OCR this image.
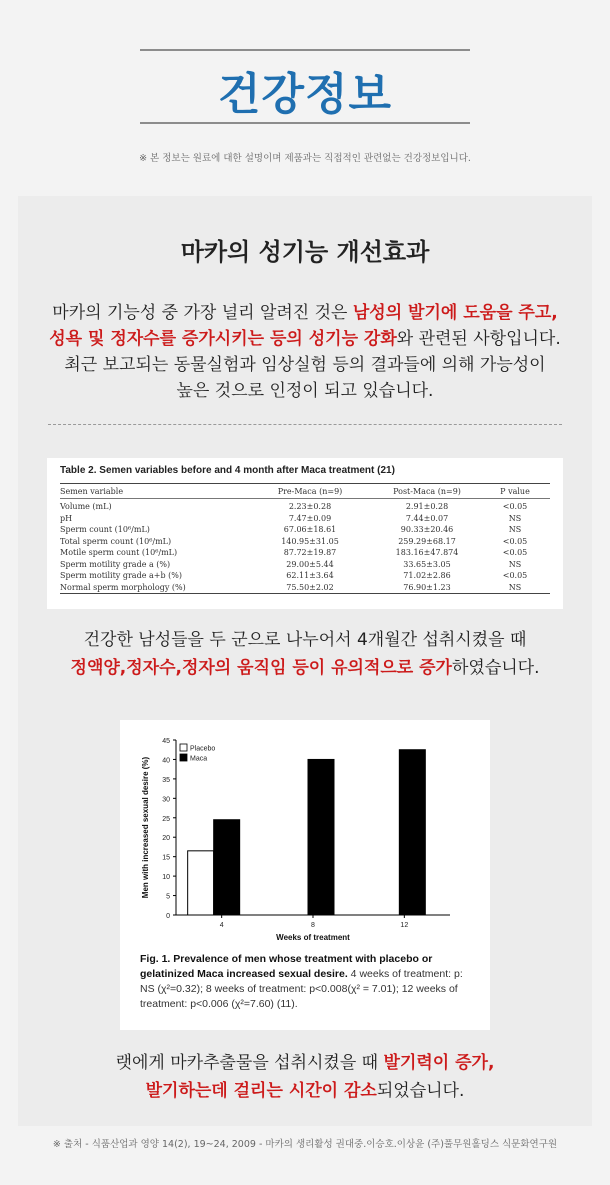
건강정보
※ 본 정보는 원료에 대한 설명이며 제품과는 직접적인 관련없는 건강정보입니다.
마카의 성기능 개선효과
마카의 기능성 중 가장 널리 알려진 것은 남성의 발기에 도움을 주고,
성욕 및 정자수를 증가시키는 등의 성기능 강화와 관련된 사항입니다.
최근 보고되는 동물실험과 임상실험 등의 결과들에 의해 가능성이
높은 것으로 인정이 되고 있습니다.
Table 2. Semen variables before and 4 month after Maca treatment (21)
Semen variable	Pre-Maca (n=9)	Post-Maca (n=9)	P value
Volume (mL)	2.23±0.28	2.91±0.28	<0.05
pH	7.47±0.09	7.44±0.07	NS
Sperm count (10⁶/mL)	67.06±18.61	90.33±20.46	NS
Total sperm count (10⁶/mL)	140.95±31.05	259.29±68.17	<0.05
Motile sperm count (10⁶/mL)	87.72±19.87	183.16±47.874	<0.05
Sperm motility grade a (%)	29.00±5.44	33.65±3.05	NS
Sperm motility grade a+b (%)	62.11±3.64	71.02±2.86	<0.05
Normal sperm morphology (%)	75.50±2.02	76.90±1.23	NS
건강한 남성들을 두 군으로 나누어서 4개월간 섭취시켰을 때
정액양,정자수,정자의 움직임 등이 유의적으로 증가하였습니다.
0
5
10
15
20
25
30
35
40
45
4	8	12
Weeks of treatment
Men with increased sexual desire (%)
Placebo
Maca
Fig. 1. Prevalence of men whose treatment with placebo or gelatinized Maca increased sexual desire. 4 weeks of treatment: p: NS (χ²=0.32); 8 weeks of treatment: p<0.008(χ² = 7.01); 12 weeks of treatment: p<0.006 (χ²=7.60) (11).
랫에게 마카추출물을 섭취시켰을 때 발기력이 증가,
발기하는데 걸리는 시간이 감소되었습니다.
※ 출처 - 식품산업과 영양 14(2), 19~24, 2009 - 마카의 생리활성 권대중.이승호.이상윤 (주)풀무원홀딩스 식문화연구원
